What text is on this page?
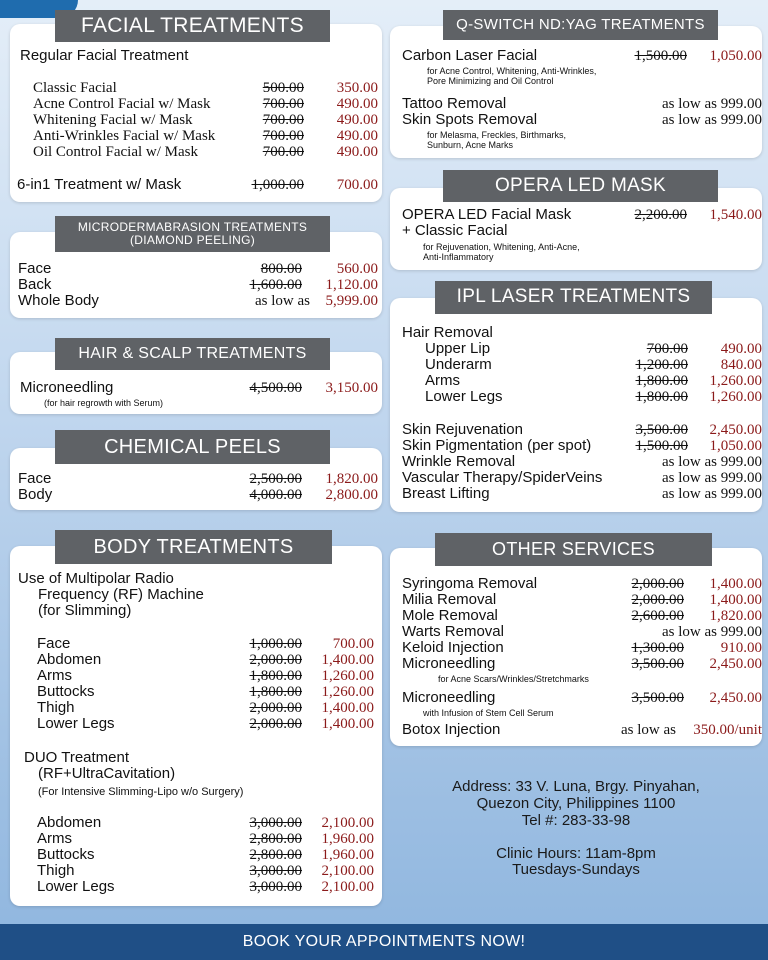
FACIAL TREATMENTS
Regular Facial Treatment
Classic Facial	500.00	350.00
Acne Control Facial w/ Mask	700.00	490.00
Whitening Facial w/ Mask	700.00	490.00
Anti-Wrinkles Facial w/ Mask	700.00	490.00
Oil Control Facial w/ Mask	700.00	490.00
6-in1 Treatment w/ Mask	1,000.00	700.00
MICRODERMABRASION TREATMENTS
(DIAMOND PEELING)
Face	800.00	560.00
Back	1,600.00	1,120.00
Whole Body	as low as	5,999.00
HAIR & SCALP TREATMENTS
Microneedling
(for hair regrowth with Serum)
4,500.00	3,150.00
CHEMICAL PEELS
Face	2,500.00	1,820.00
Body	4,000.00	2,800.00
BODY TREATMENTS
Use of Multipolar Radio
Frequency (RF) Machine
(for Slimming)
Face	1,000.00	700.00
Abdomen	2,000.00	1,400.00
Arms	1,800.00	1,260.00
Buttocks	1,800.00	1,260.00
Thigh	2,000.00	1,400.00
Lower Legs	2,000.00	1,400.00
DUO Treatment
(RF+UltraCavitation)
(For Intensive Slimming-Lipo w/o Surgery)
Abdomen	3,000.00	2,100.00
Arms	2,800.00	1,960.00
Buttocks	2,800.00	1,960.00
Thigh	3,000.00	2,100.00
Lower Legs	3,000.00	2,100.00
Q-SWITCH ND:YAG TREATMENTS
Carbon Laser Facial	1,500.00	1,050.00
for Acne Control, Whitening, Anti-Wrinkles,
Pore Minimizing and Oil Control
Tattoo Removal	as low as 999.00
Skin Spots Removal	as low as 999.00
for Melasma, Freckles, Birthmarks,
Sunburn, Acne Marks
OPERA LED MASK
OPERA LED Facial Mask
+ Classic Facial
2,200.00	1,540.00
for Rejuvenation, Whitening, Anti-Acne,
Anti-Inflammatory
IPL LASER TREATMENTS
Hair Removal
Upper Lip	700.00	490.00
Underarm	1,200.00	840.00
Arms	1,800.00	1,260.00
Lower Legs	1,800.00	1,260.00
Skin Rejuvenation	3,500.00	2,450.00
Skin Pigmentation (per spot)	1,500.00	1,050.00
Wrinkle Removal	as low as 999.00
Vascular Therapy/SpiderVeins	as low as 999.00
Breast Lifting	as low as 999.00
OTHER SERVICES
Syringoma Removal	2,000.00	1,400.00
Milia Removal	2,000.00	1,400.00
Mole Removal	2,600.00	1,820.00
Warts Removal	as low as 999.00
Keloid Injection	1,300.00	910.00
Microneedling	3,500.00	2,450.00
for Acne Scars/Wrinkles/Stretchmarks
Microneedling	3,500.00	2,450.00
with Infusion of Stem Cell Serum
Botox Injection	as low as	350.00/unit
Address: 33 V. Luna, Brgy. Pinyahan,
Quezon City, Philippines 1100
Tel #: 283-33-98
Clinic Hours: 11am-8pm
Tuesdays-Sundays
BOOK YOUR APPOINTMENTS NOW!
